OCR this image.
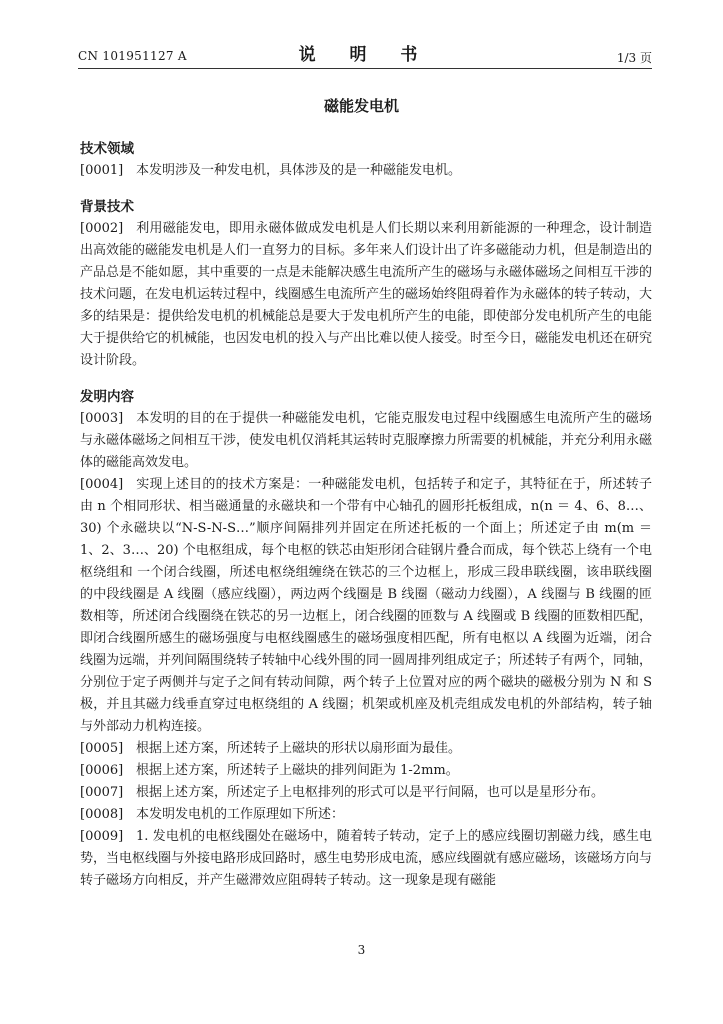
CN 101951127 A	说 明 书	1/3 页
磁能发电机
技术领域

[0001] 本发明涉及一种发电机，具体涉及的是一种磁能发电机。

背景技术

[0002] 利用磁能发电，即用永磁体做成发电机是人们长期以来利用新能源的一种理念，设计制造出高效能的磁能发电机是人们一直努力的目标。多年来人们设计出了许多磁能动力机，但是制造出的产品总是不能如愿，其中重要的一点是未能解决感生电流所产生的磁场与永磁体磁场之间相互干涉的技术问题，在发电机运转过程中，线圈感生电流所产生的磁场始终阻碍着作为永磁体的转子转动，大多的结果是：提供给发电机的机械能总是要大于发电机所产生的电能，即使部分发电机所产生的电能大于提供给它的机械能，也因发电机的投入与产出比难以使人接受。时至今日，磁能发电机还在研究设计阶段。

发明内容

[0003] 本发明的目的在于提供一种磁能发电机，它能克服发电过程中线圈感生电流所产生的磁场与永磁体磁场之间相互干涉，使发电机仅消耗其运转时克服摩擦力所需要的机械能，并充分利用永磁体的磁能高效发电。

[0004] 实现上述目的的技术方案是：一种磁能发电机，包括转子和定子，其特征在于，所述转子由 n 个相同形状、相当磁通量的永磁块和一个带有中心轴孔的圆形托板组成，n(n ＝ 4、6、8…、30) 个永磁块以“N-S-N-S…”顺序间隔排列并固定在所述托板的一个面上；所述定子由 m(m ＝ 1、2、3…、20) 个电枢组成，每个电枢的铁芯由矩形闭合硅钢片叠合而成，每个铁芯上绕有一个电枢绕组和 一个闭合线圈，所述电枢绕组缠绕在铁芯的三个边框上，形成三段串联线圈，该串联线圈的中段线圈是 A 线圈（感应线圈），两边两个线圈是 B 线圈（磁动力线圈），A 线圈与 B 线圈的匝数相等，所述闭合线圈绕在铁芯的另一边框上，闭合线圈的匝数与 A 线圈或 B 线圈的匝数相匹配，即闭合线圈所感生的磁场强度与电枢线圈感生的磁场强度相匹配，所有电枢以 A 线圈为近端，闭合线圈为远端，并列间隔围绕转子转轴中心线外围的同一圆周排列组成定子；所述转子有两个，同轴，分别位于定子两侧并与定子之间有转动间隙，两个转子上位置对应的两个磁块的磁极分别为 N 和 S 极，并且其磁力线垂直穿过电枢绕组的 A 线圈；机架或机座及机壳组成发电机的外部结构，转子轴与外部动力机构连接。

[0005] 根据上述方案，所述转子上磁块的形状以扇形面为最佳。

[0006] 根据上述方案，所述转子上磁块的排列间距为 1-2mm。

[0007] 根据上述方案，所述定子上电枢排列的形式可以是平行间隔，也可以是星形分布。

[0008] 本发明发电机的工作原理如下所述：

[0009] 1. 发电机的电枢线圈处在磁场中，随着转子转动，定子上的感应线圈切割磁力线，感生电势，当电枢线圈与外接电路形成回路时，感生电势形成电流，感应线圈就有感应磁场，该磁场方向与转子磁场方向相反，并产生磁滞效应阻碍转子转动。这一现象是现有磁能

3
